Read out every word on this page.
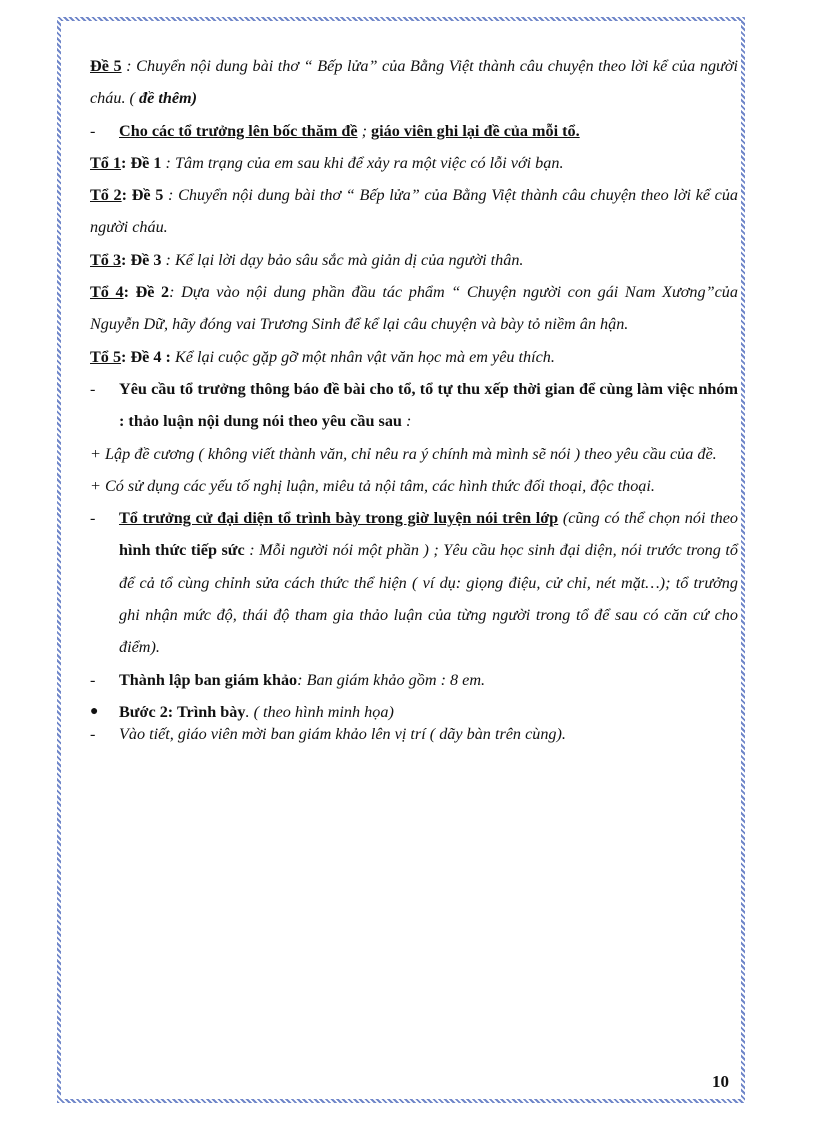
Đề 5 : Chuyển nội dung bài thơ “ Bếp lửa” của Bằng Việt thành câu chuyện theo lời kể của người cháu. ( đề thêm)

-	Cho các tổ trưởng lên bốc thăm đề ; giáo viên ghi lại đề của mỗi tổ.

Tổ 1: Đề 1 : Tâm trạng của em sau khi để xảy ra một việc có lỗi với bạn.

Tổ 2: Đề 5 : Chuyển nội dung bài thơ “ Bếp lửa” của Bằng Việt thành câu chuyện theo lời kể của người cháu.

Tổ 3: Đề 3 : Kể lại lời dạy bảo sâu sắc mà giản dị của người thân.

Tổ 4: Đề 2: Dựa vào nội dung phần đầu tác phẩm “ Chuyện người con gái Nam Xương”của Nguyễn Dữ, hãy đóng vai Trương Sinh để kể lại câu chuyện và bày tỏ niềm ân hận.

Tổ 5: Đề 4 : Kể lại cuộc gặp gỡ một nhân vật văn học mà em yêu thích.

-	Yêu cầu tổ trưởng thông báo đề bài cho tổ, tổ tự thu xếp thời gian để cùng làm việc nhóm : thảo luận nội dung nói theo yêu cầu sau :

+ Lập đề cương ( không viết thành văn, chỉ nêu ra ý chính mà mình sẽ nói ) theo yêu cầu của đề.

+ Có sử dụng các yếu tố nghị luận, miêu tả nội tâm, các hình thức đối thoại, độc thoại.

-	Tổ trưởng cử đại diện tổ trình bày trong giờ luyện nói trên lớp (cũng có thể chọn nói theo hình thức tiếp sức : Mỗi người nói một phần ) ; Yêu cầu học sinh đại diện, nói trước trong tổ để cả tổ cùng chỉnh sửa cách thức thể hiện ( ví dụ: giọng điệu, cử chỉ, nét mặt…); tổ trưởng ghi nhận mức độ, thái độ tham gia thảo luận của từng người trong tổ để sau có căn cứ cho điểm).
-	Thành lập ban giám khảo: Ban giám khảo gồm : 8 em.
●	Bước 2: Trình bày. ( theo hình minh họa)
-	Vào tiết, giáo viên mời ban giám khảo lên vị trí ( dãy bàn trên cùng).
10
